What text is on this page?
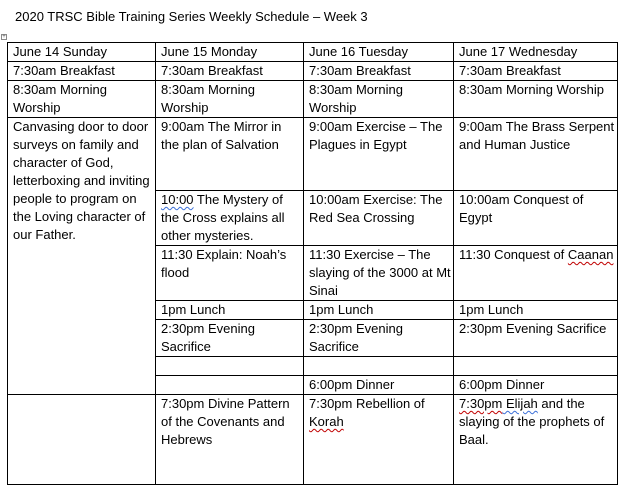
2020 TRSC Bible Training Series Weekly Schedule – Week 3
+
June 14 Sunday	June 15 Monday	June 16 Tuesday	June 17 Wednesday
7:30am Breakfast	7:30am Breakfast	7:30am Breakfast	7:30am Breakfast
8:30am Morning Worship	8:30am Morning Worship	8:30am Morning Worship	8:30am Morning Worship
Canvasing door to door surveys on family and character of God, letterboxing and inviting people to program on the Loving character of our Father.	9:00am The Mirror in the plan of Salvation	9:00am Exercise – The Plagues in Egypt	9:00am The Brass Serpent and Human Justice
	10:00 The Mystery of the Cross explains all other mysteries.	10:00am Exercise: The Red Sea Crossing	10:00am Conquest of Egypt
	11:30 Explain: Noah’s flood	11:30 Exercise – The slaying of the 3000 at Mt Sinai	11:30 Conquest of Caanan
	1pm Lunch	1pm Lunch	1pm Lunch
	2:30pm Evening Sacrifice	2:30pm Evening Sacrifice	2:30pm Evening Sacrifice

		6:00pm Dinner	6:00pm Dinner
	7:30pm Divine Pattern of the Covenants and Hebrews	7:30pm Rebellion of Korah	7:30pm Elijah and the slaying of the prophets of Baal.
